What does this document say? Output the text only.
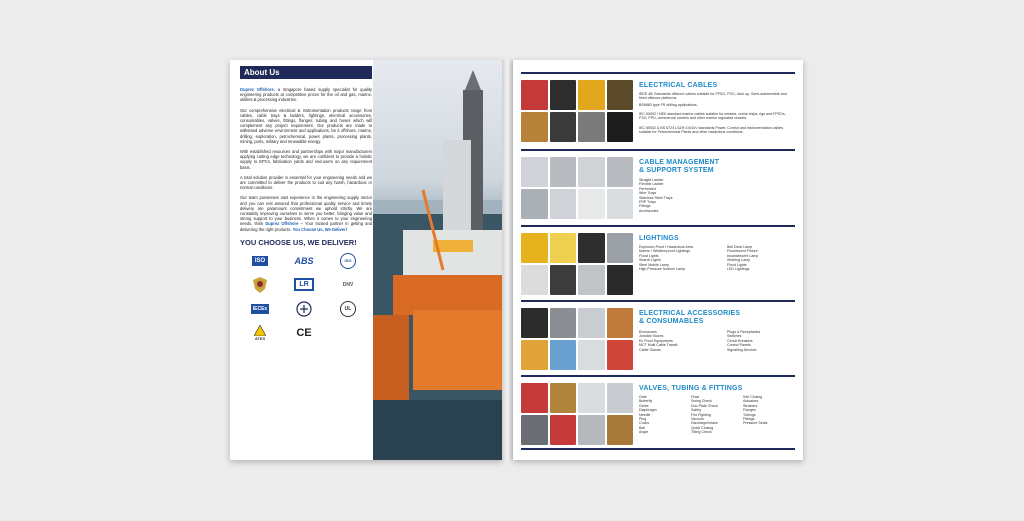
About Us

Duprez Offshore, a Singapore based supply specialist for quality engineering products at competitive prices for the oil and gas, marine, utilities & processing industries.

Our comprehensive electrical & instrumentation products range from cables, cable trays & ladders, lightings, electrical accessories, consumables, valves, fittings, flanges, tubing and hoses which will complement any project requirement. Our products are made to withstand adverse environment and applications, be it offshore, marine, drilling, exploration, petrochemical, power plants, processing plants, mining, ports, military and renewable energy.

With established resources and partnerships with major manufacturers applying cutting edge technology, we are confident to provide a holistic supply to EPCs, fabrication yards and end-users on any requirement basis.

A total solution provider is essential for your engineering needs and we are committed to deliver the products to suit any harsh, hazardous or normal conditions.

Our team possesses vast experience in the engineering supply sector and you can rest assured that professional quality service and timely delivery are paramount commitment we uphold strictly. We are constantly improving ourselves to serve you better, bringing value and strong support to your business. When it comes to your engineering needs, think Duprez Offshore – Your trusted partner in getting and delivering the right products. You Choose Us, We Deliver!

YOU CHOOSE US, WE DELIVER!
ISO	ABS	ISO
LR	DNV
IECEx	UL
ATEX	CE
ELECTRICAL CABLES
IEEE 45/ Standards offshore cables suitable for FPSO, FSO, Jack up, Semi-submersible and fixed offshore platforms.
BS6883 type FR drilling applications.
IEC 60092 / NEK standard marine cables suitable for vessels, cruise ships, rigs and FPSOs, FSO, FPU, commercial carriers and other marine regulated vessels.
IEC 60502 & BS 6724 LSZH 0.6/1kV standards Power, Control and Instrumentation cables suitable for Petrochemical Plants and other hazardous conditions.
CABLE MANAGEMENT
& SUPPORT SYSTEM
Straight Ladder
Flexible Ladder
Perforated
Wire Trays
Stainless Steel Trays
FRP Trays
Fittings
Accessories
LIGHTINGS
Explosion Proof / Hazardous Area
Marine / Weatherproof Lightings
Flood Lights
Search Lights
Steel Mobile Lamp
High Pressure Sodium Lamp
Bell Deck Lamp
Fluorescent Fixture
Incandescent Lamp
Working Lamp
Flood Lights
LED Lightings
ELECTRICAL ACCESSORIES
& CONSUMABLES
Enclosures
Junction Boxes
Ex Proof Equipments
MCT Multi Cable Transit
Cable Glands
Plugs & Receptacles
Switches
Circuit Breakers
Control Panels
Signalling Devices
VALVES, TUBING & FITTINGS
Gate
Butterfly
Globe
Diaphragm
Needle
Plug
Cocks
Ball
Angle
Float
Swing Check
Duo Plate Check
Safety
Fire Fighting
Vacuum
Discharge/Intake
Quick Closing
Tilting Check
Self Closing
Actuators
Strainers
Flanges
Tubings
Fittings
Pressure Seals
